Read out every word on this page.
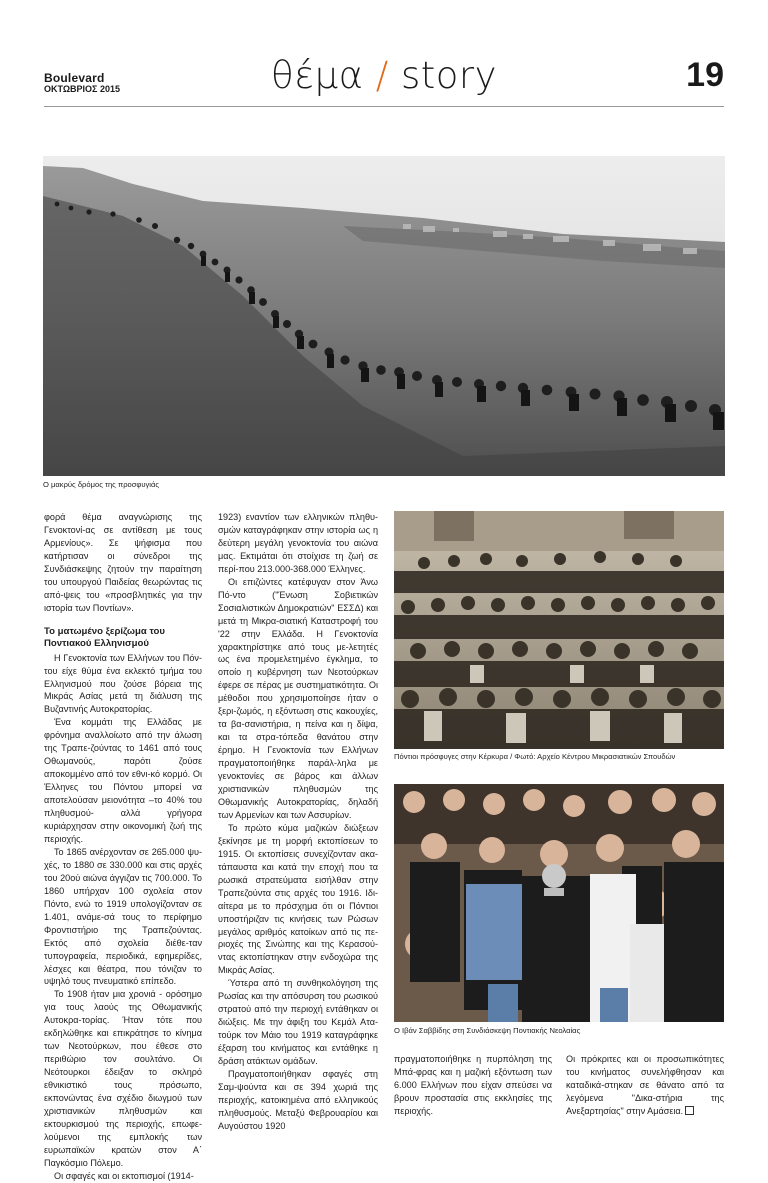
Boulevard
ΟΚΤΩΒΡΙΟΣ 2015	θέμα / story	19
Ο μακρύς δρόμος της προσφυγιάς
Πόντιοι πρόσφυγες στην Κέρκυρα / Φωτό: Αρχείο Κέντρου Μικρασιατικών Σπουδών
Ο Ιβάν Σαββίδης στη Συνδιάσκεψη Ποντιακής Νεολαίας

φορά θέμα αναγνώρισης της Γενοκτονί-ας σε αντίθεση με τους Αρμενίους». Σε ψήφισμα που κατήρτισαν οι σύνεδροι της Συνδιάσκεψης ζητούν την παραίτηση του υπουργού Παιδείας θεωρώντας τις από-ψεις του «προσβλητικές για την ιστορία των Ποντίων».

Το ματωμένο ξερίζωμα του Ποντιακού Ελληνισμού

Η Γενοκτονία των Ελλήνων του Πόν-του είχε θύμα ένα εκλεκτό τμήμα του Ελληνισμού που ζούσε βόρεια της Μικράς Ασίας μετά τη διάλυση της Βυζαντινής Αυτοκρατορίας.

Ένα κομμάτι της Ελλάδας με φρόνημα αναλλοίωτο από την άλωση της Τραπε-ζούντας το 1461 από τους Οθωμανούς, παρότι ζούσε αποκομμένο από τον εθνι-κό κορμό. Οι Έλληνες του Πόντου μπορεί να αποτελούσαν μειονότητα –το 40% του πληθυσμού- αλλά γρήγορα κυριάρχησαν στην οικονομική ζωή της περιοχής.

Το 1865 ανέρχονταν σε 265.000 ψυ-χές, το 1880 σε 330.000 και στις αρχές του 20ού αιώνα άγγιζαν τις 700.000. Το 1860 υπήρχαν 100 σχολεία στον Πόντο, ενώ το 1919 υπολογίζονταν σε 1.401, ανάμε-σά τους το περίφημο Φροντιστήριο της Τραπεζούντας. Εκτός από σχολεία διέθε-ταν τυπογραφεία, περιοδικά, εφημερίδες, λέσχες και θέατρα, που τόνιζαν το υψηλό τους πνευματικό επίπεδο.

Το 1908 ήταν μια χρονιά - ορόσημο για τους λαούς της Οθωμανικής Αυτοκρα-τορίας. Ήταν τότε που εκδηλώθηκε και επικράτησε το κίνημα των Νεοτούρκων, που έθεσε στο περιθώριο τον σουλτάνο. Οι Νεότουρκοι έδειξαν το σκληρό εθνικιστικό τους πρόσωπο, εκπονώντας ένα σχέδιο διωγμού των χριστιανικών πληθυσμών και εκτουρκισμού της περιοχής, επωφε-λούμενοι της εμπλοκής των ευρωπαϊκών κρατών στον Α΄ Παγκόσμιο Πόλεμο.

Οι σφαγές και οι εκτοπισμοί (1914-

1923) εναντίον των ελληνικών πληθυ-σμών καταγράφηκαν στην ιστορία ως η δεύτερη μεγάλη γενοκτονία του αιώνα μας. Εκτιμάται ότι στοίχισε τη ζωή σε περί-που 213.000-368.000 Έλληνες.

Οι επιζώντες κατέφυγαν στον Άνω Πό-ντο ("Ένωση Σοβιετικών Σοσιαλιστικών Δημοκρατιών" ΕΣΣΔ) και μετά τη Μικρα-σιατική Καταστροφή του '22 στην Ελλάδα. Η Γενοκτονία χαρακτηρίστηκε από τους με-λετητές ως ένα προμελετημένο έγκλημα, το οποίο η κυβέρνηση των Νεοτούρκων έφερε σε πέρας με συστηματικότητα. Οι μέθοδοι που χρησιμοποίησε ήταν ο ξερι-ζωμός, η εξόντωση στις κακουχίες, τα βα-σανιστήρια, η πείνα και η δίψα, και τα στρα-τόπεδα θανάτου στην έρημο. Η Γενοκτονία των Ελλήνων πραγματοποιήθηκε παράλ-ληλα με γενοκτονίες σε βάρος και άλλων χριστιανικών πληθυσμών της Οθωμανικής Αυτοκρατορίας, δηλαδή των Αρμενίων και των Ασσυρίων.

Το πρώτο κύμα μαζικών διώξεων ξεκίνησε με τη μορφή εκτοπίσεων το 1915. Οι εκτοπίσεις συνεχίζονταν ακα-τάπαυστα και κατά την εποχή που τα ρωσικά στρατεύματα εισήλθαν στην Τραπεζούντα στις αρχές του 1916. Ιδι-αίτερα με το πρόσχημα ότι οι Πόντιοι υποστήριζαν τις κινήσεις των Ρώσων μεγάλος αριθμός κατοίκων από τις πε-ριοχές της Σινώπης και της Κερασού-ντας εκτοπίστηκαν στην ενδοχώρα της Μικράς Ασίας.

Ύστερα από τη συνθηκολόγηση της Ρωσίας και την απόσυρση του ρωσικού στρατού από την περιοχή εντάθηκαν οι διώξεις. Με την άφιξη του Κεμάλ Ατα-τούρκ τον Μάιο του 1919 καταγράφηκε έξαρση του κινήματος και εντάθηκε η δράση ατάκτων ομάδων.

Πραγματοποιήθηκαν σφαγές στη Σαμ-ψούντα και σε 394 χωριά της περιοχής, κατοικημένα από ελληνικούς πληθυσμούς. Μεταξύ Φεβρουαρίου και Αυγούστου 1920

πραγματοποιήθηκε η πυρπόληση της Μπά-φρας και η μαζική εξόντωση των 6.000 Ελλήνων που είχαν σπεύσει να βρουν προστασία στις εκκλησίες της περιοχής.

Οι πρόκριτες και οι προσωπικότητες του κινήματος συνελήφθησαν και καταδικά-στηκαν σε θάνατο από τα λεγόμενα "Δικα-στήρια της Ανεξαρτησίας" στην Αμάσεια.
